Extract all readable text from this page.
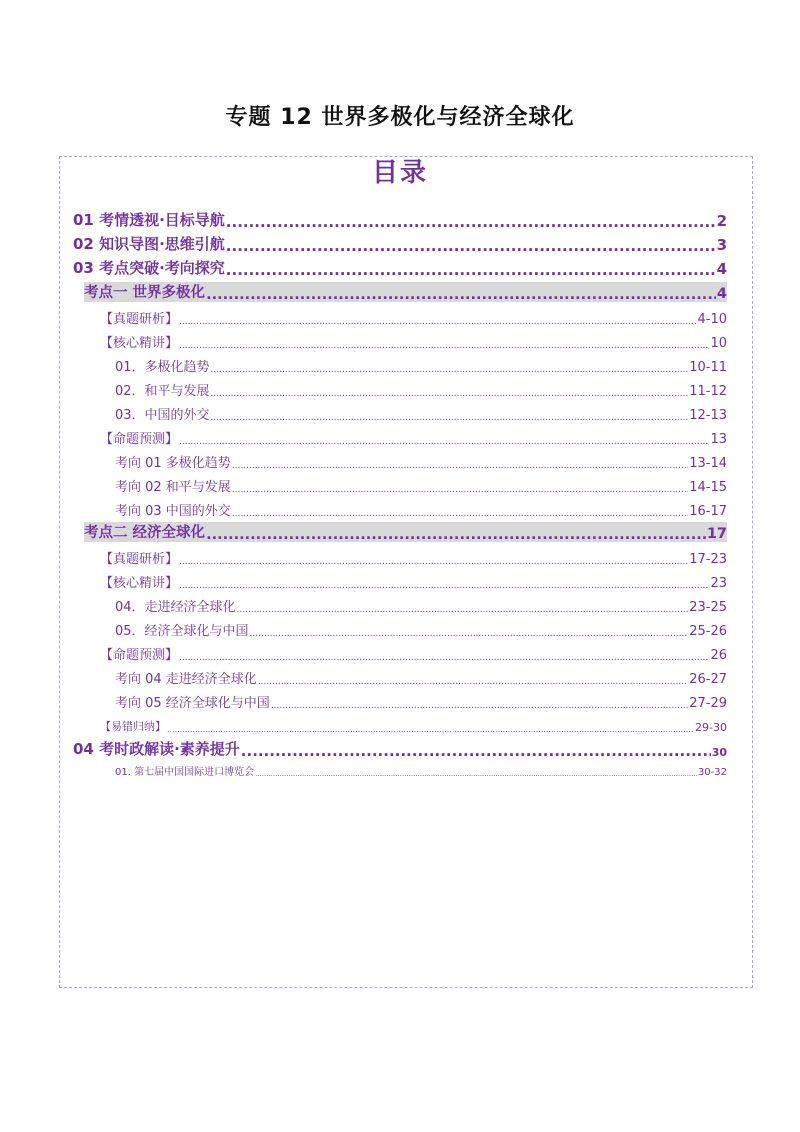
专题 12 世界多极化与经济全球化
目录
01 考情透视·目标导航 .....	2
02 知识导图·思维引航 .....	3
03 考点突破·考向探究 .....	4
考点一 世界多极化 .....	4
【真题研析】 .....	4-10
【核心精讲】 .....	10
01．多极化趋势 .....	10-11
02．和平与发展 .....	11-12
03．中国的外交 .....	12-13
【命题预测】 .....	13
考向 01 多极化趋势 .....	13-14
考向 02 和平与发展 .....	14-15
考向 03 中国的外交 .....	16-17
考点二 经济全球化 .....	17
【真题研析】 .....	17-23
【核心精讲】 .....	23
04．走进经济全球化 .....	23-25
05．经济全球化与中国 .....	25-26
【命题预测】 .....	26
考向 04 走进经济全球化 .....	26-27
考向 05 经济全球化与中国 .....	27-29
【易错归纳】 .....	29-30
04 考时政解读·素养提升 .....	30
01. 第七届中国国际进口博览会 .....	30-32
